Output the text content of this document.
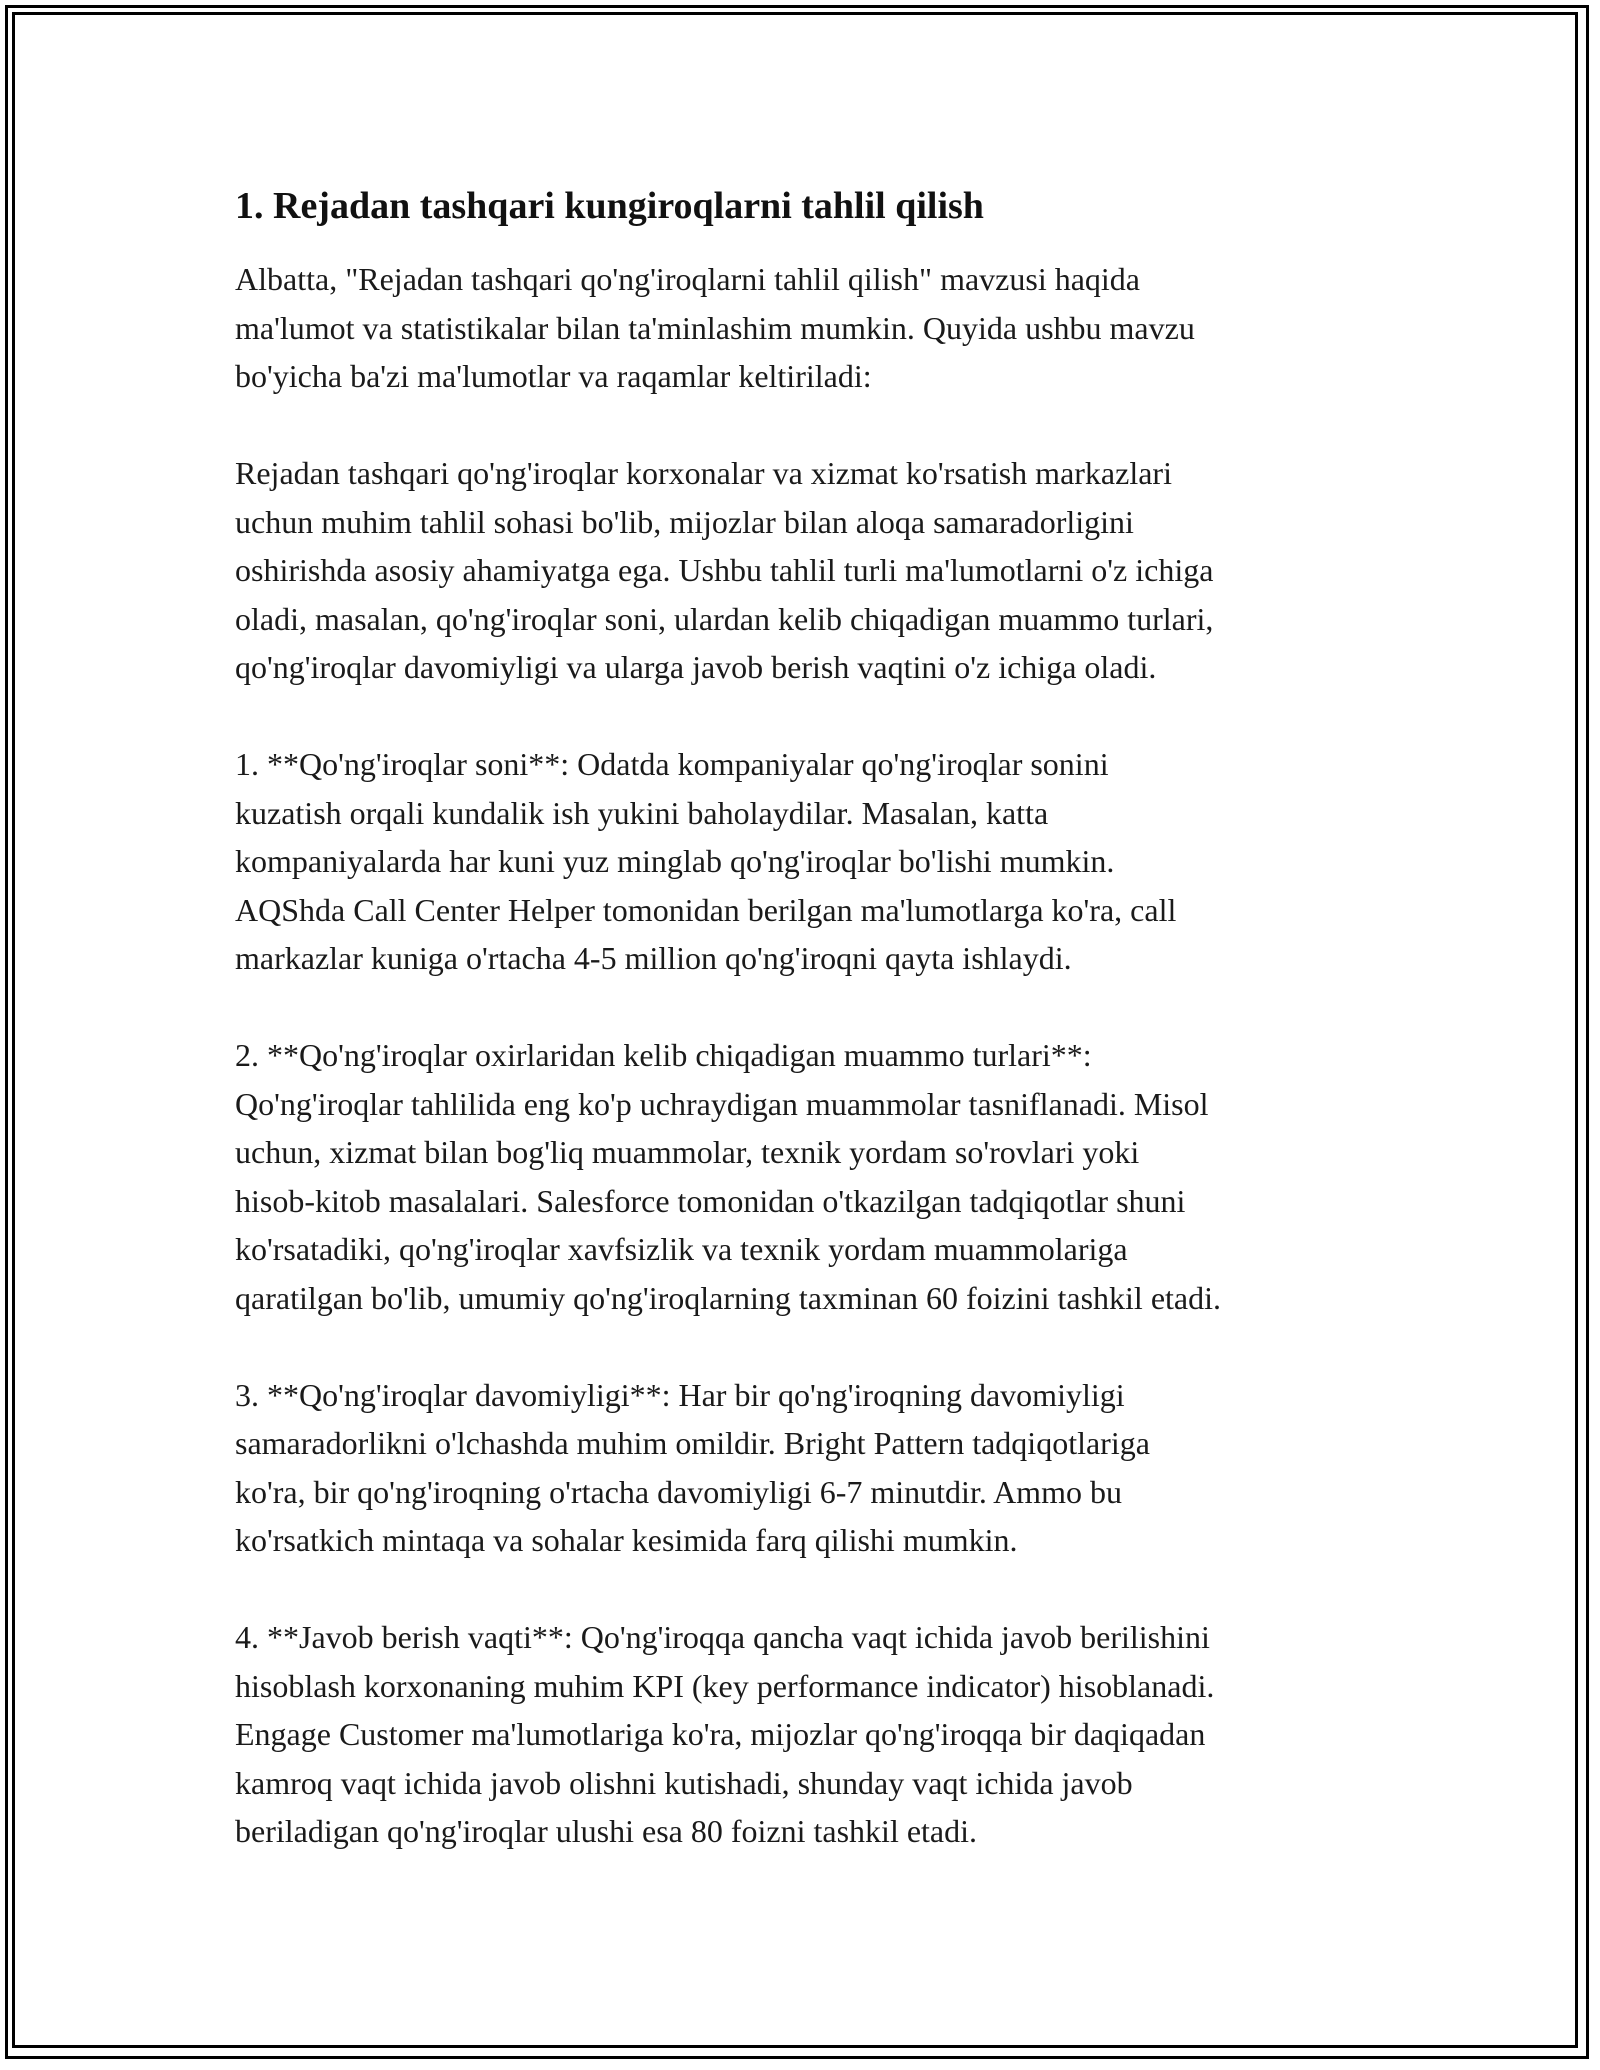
1. Rejadan tashqari kungiroqlarni tahlil qilish
Albatta, "Rejadan tashqari qo'ng'iroqlarni tahlil qilish" mavzusi haqida
ma'lumot va statistikalar bilan ta'minlashim mumkin. Quyida ushbu mavzu
bo'yicha ba'zi ma'lumotlar va raqamlar keltiriladi:
Rejadan tashqari qo'ng'iroqlar korxonalar va xizmat ko'rsatish markazlari
uchun muhim tahlil sohasi bo'lib, mijozlar bilan aloqa samaradorligini
oshirishda asosiy ahamiyatga ega. Ushbu tahlil turli ma'lumotlarni o'z ichiga
oladi, masalan, qo'ng'iroqlar soni, ulardan kelib chiqadigan muammo turlari,
qo'ng'iroqlar davomiyligi va ularga javob berish vaqtini o'z ichiga oladi.
1. **Qo'ng'iroqlar soni**: Odatda kompaniyalar qo'ng'iroqlar sonini
kuzatish orqali kundalik ish yukini baholaydilar. Masalan, katta
kompaniyalarda har kuni yuz minglab qo'ng'iroqlar bo'lishi mumkin.
AQShda Call Center Helper tomonidan berilgan ma'lumotlarga ko'ra, call
markazlar kuniga o'rtacha 4-5 million qo'ng'iroqni qayta ishlaydi.
2. **Qo'ng'iroqlar oxirlaridan kelib chiqadigan muammo turlari**:
Qo'ng'iroqlar tahlilida eng ko'p uchraydigan muammolar tasniflanadi. Misol
uchun, xizmat bilan bog'liq muammolar, texnik yordam so'rovlari yoki
hisob-kitob masalalari. Salesforce tomonidan o'tkazilgan tadqiqotlar shuni
ko'rsatadiki, qo'ng'iroqlar xavfsizlik va texnik yordam muammolariga
qaratilgan bo'lib, umumiy qo'ng'iroqlarning taxminan 60 foizini tashkil etadi.
3. **Qo'ng'iroqlar davomiyligi**: Har bir qo'ng'iroqning davomiyligi
samaradorlikni o'lchashda muhim omildir. Bright Pattern tadqiqotlariga
ko'ra, bir qo'ng'iroqning o'rtacha davomiyligi 6-7 minutdir. Ammo bu
ko'rsatkich mintaqa va sohalar kesimida farq qilishi mumkin.
4. **Javob berish vaqti**: Qo'ng'iroqqa qancha vaqt ichida javob berilishini
hisoblash korxonaning muhim KPI (key performance indicator) hisoblanadi.
Engage Customer ma'lumotlariga ko'ra, mijozlar qo'ng'iroqqa bir daqiqadan
kamroq vaqt ichida javob olishni kutishadi, shunday vaqt ichida javob
beriladigan qo'ng'iroqlar ulushi esa 80 foizni tashkil etadi.
